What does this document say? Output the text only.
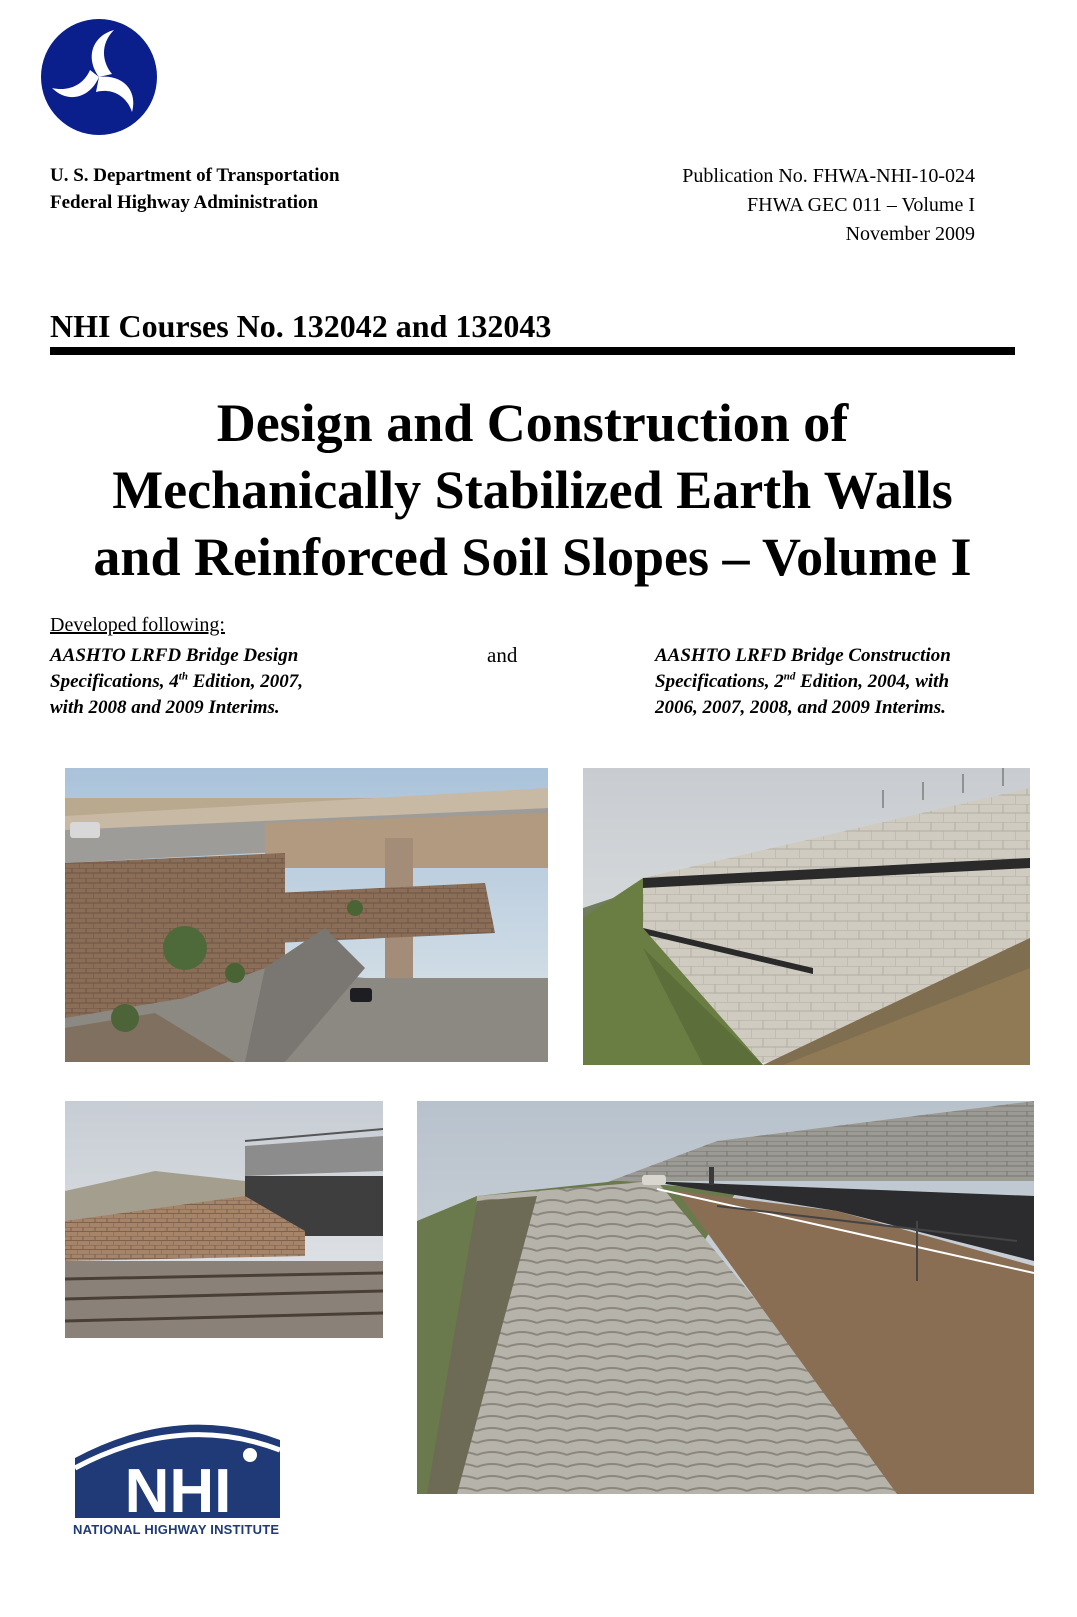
U. S. Department of Transportation
Federal Highway Administration
Publication No. FHWA-NHI-10-024
FHWA GEC 011 – Volume I
November 2009
NHI Courses No. 132042 and 132043
Design and Construction of
Mechanically Stabilized Earth Walls
and Reinforced Soil Slopes – Volume I
Developed following:
AASHTO LRFD Bridge Design
Specifications, 4th Edition, 2007,
with 2008 and 2009 Interims.
and	AASHTO LRFD Bridge Construction
Specifications, 2nd Edition, 2004, with
2006, 2007, 2008, and 2009 Interims.
NHI
NATIONAL HIGHWAY INSTITUTE
